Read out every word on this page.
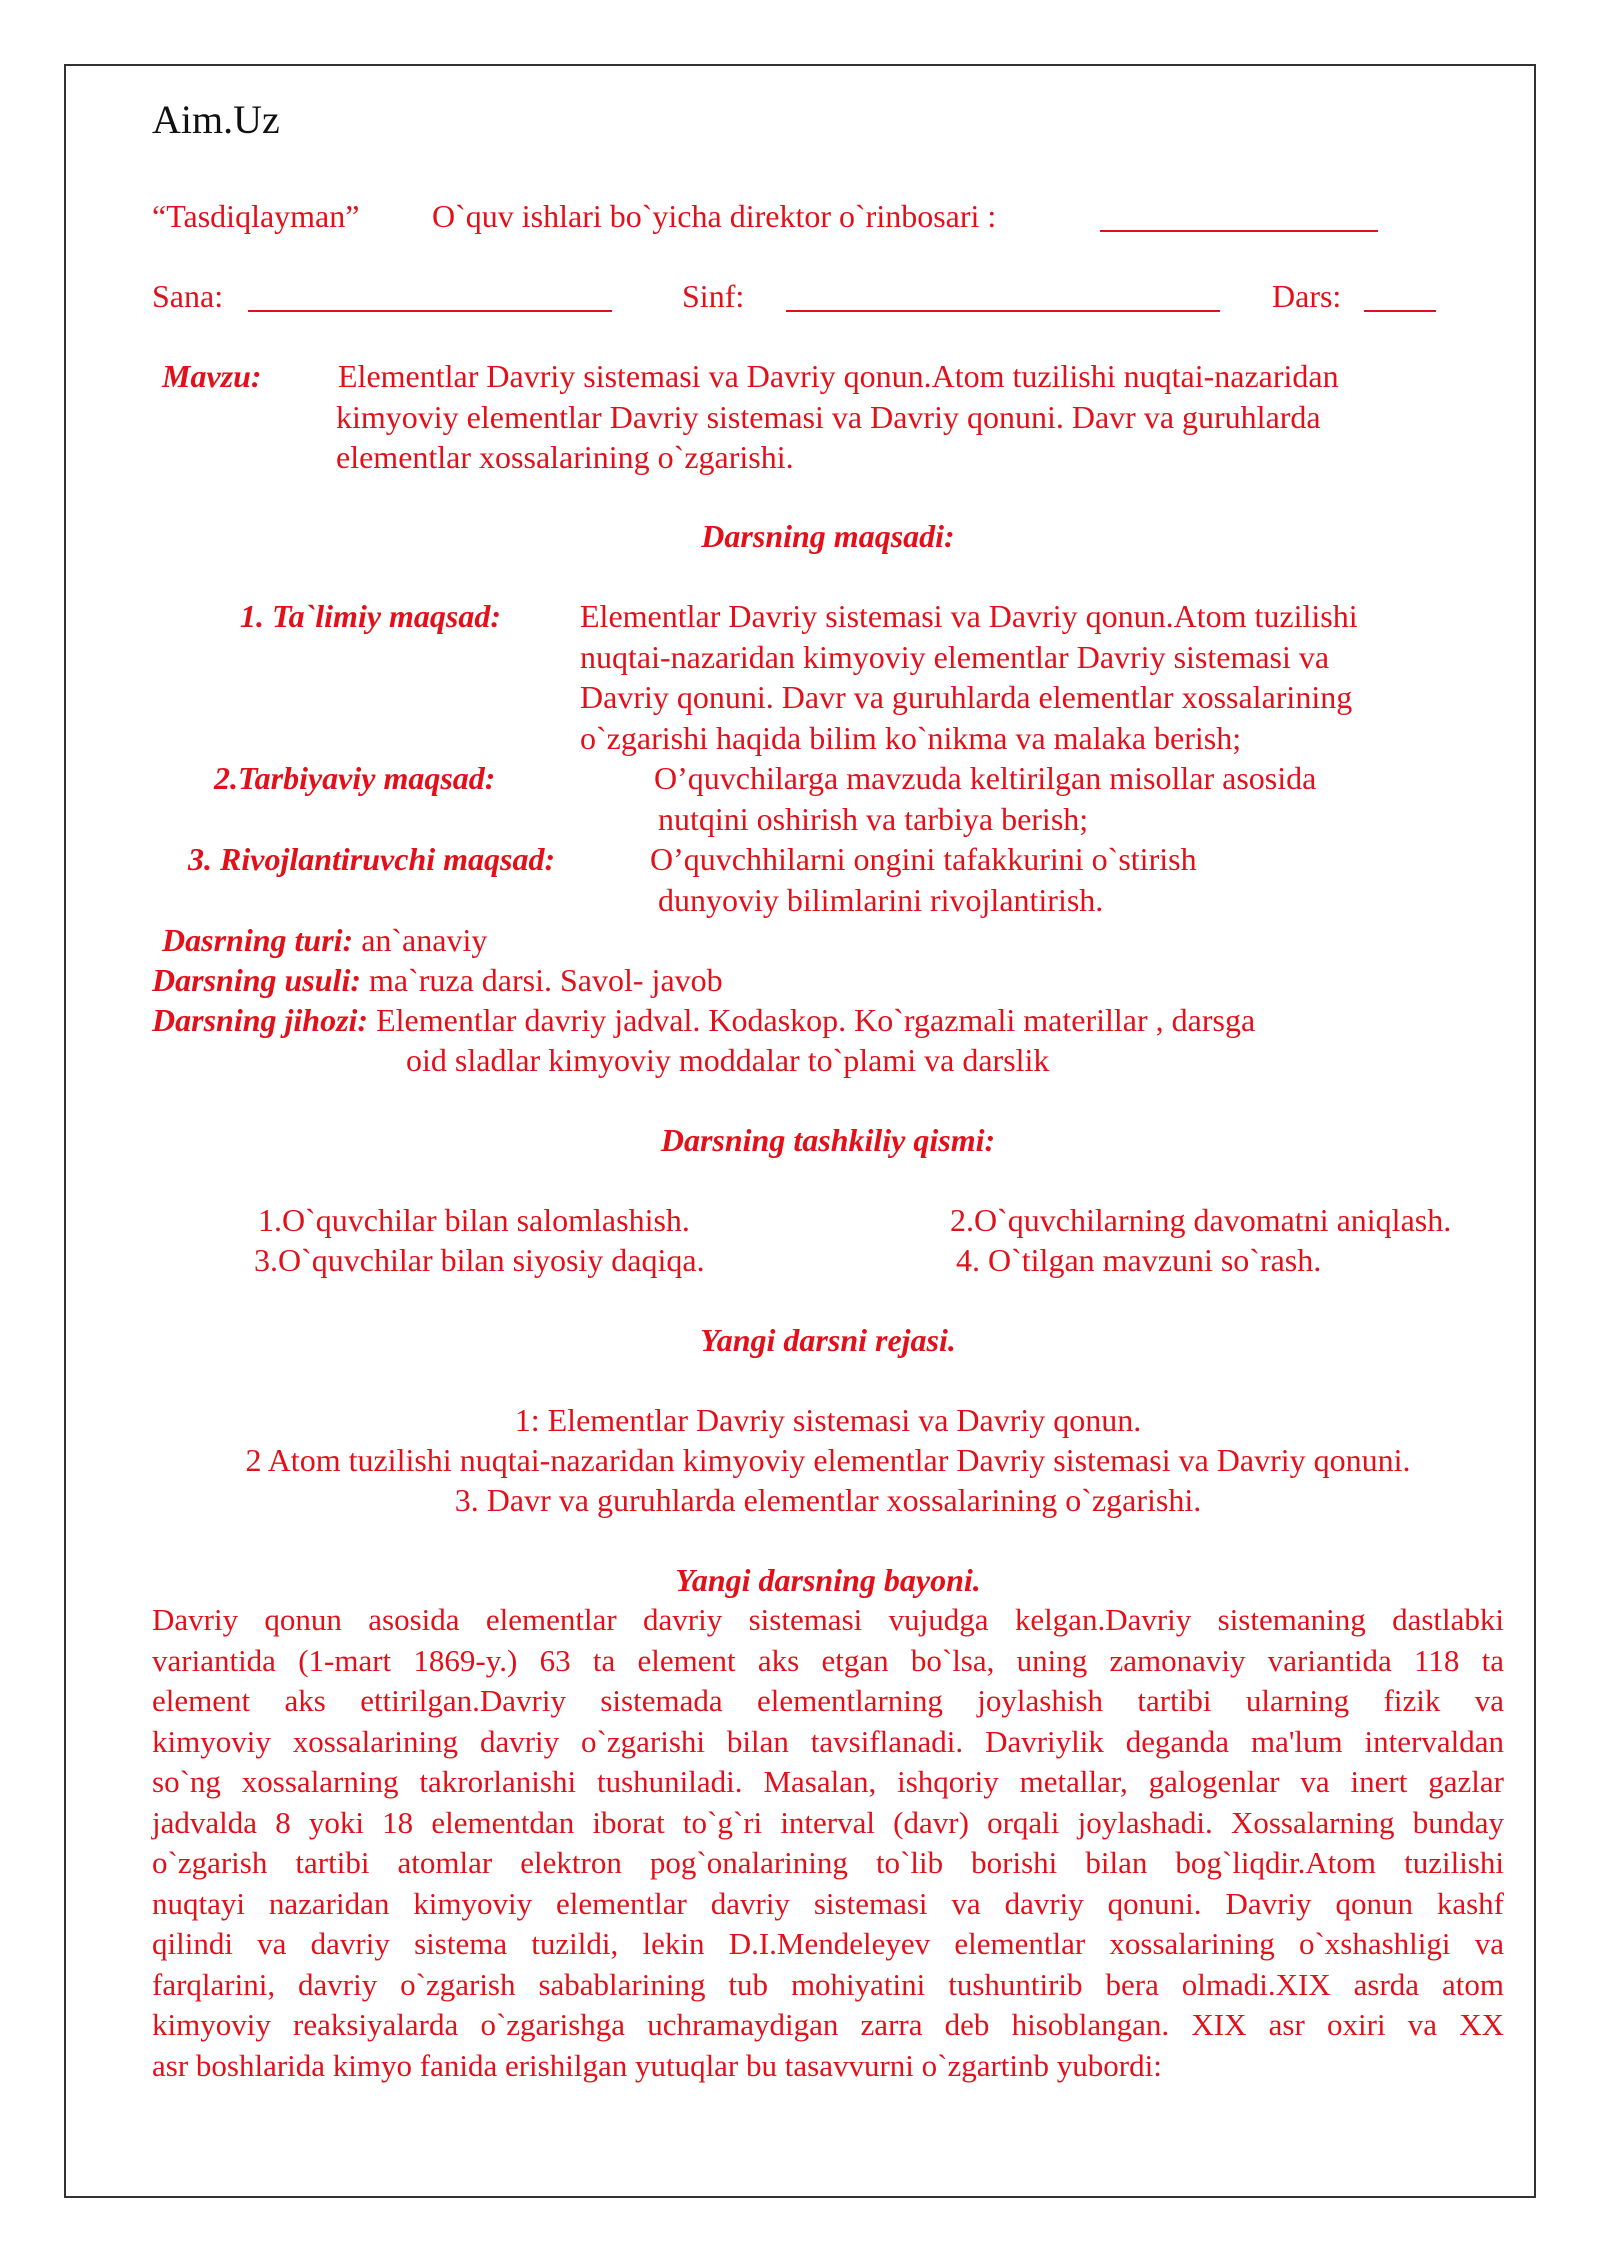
Aim.Uz
“Tasdiqlayman” O`quv ishlari bo`yicha direktor o`rinbosari :
Sana:	Sinf:	Dars:
Mavzu: Elementlar Davriy sistemasi va Davriy qonun.Atom tuzilishi nuqtai-nazaridan
kimyoviy elementlar Davriy sistemasi va Davriy qonuni. Davr va guruhlarda
elementlar xossalarining o`zgarishi.
Darsning maqsadi:
1. Ta`limiy maqsad: Elementlar Davriy sistemasi va Davriy qonun.Atom tuzilishi
nuqtai-nazaridan kimyoviy elementlar Davriy sistemasi va
Davriy qonuni. Davr va guruhlarda elementlar xossalarining
o`zgarishi haqida bilim ko`nikma va malaka berish;
2.Tarbiyaviy maqsad:	O’quvchilarga mavzuda keltirilgan misollar asosida
nutqini oshirish va tarbiya berish;
3. Rivojlantiruvchi maqsad:	O’quvchhilarni ongini tafakkurini o`stirish
dunyoviy bilimlarini rivojlantirish.
Dasrning turi: an`anaviy
Darsning usuli: ma`ruza darsi. Savol- javob
Darsning jihozi: Elementlar davriy jadval. Kodaskop. Ko`rgazmali materillar , darsga
oid sladlar kimyoviy moddalar to`plami va darslik
Darsning tashkiliy qismi:
1.O`quvchilar bilan salomlashish.	2.O`quvchilarning davomatni aniqlash.
3.O`quvchilar bilan siyosiy daqiqa.	4. O`tilgan mavzuni so`rash.
Yangi darsni rejasi.
1: Elementlar Davriy sistemasi va Davriy qonun.
2 Atom tuzilishi nuqtai-nazaridan kimyoviy elementlar Davriy sistemasi va Davriy qonuni.
3. Davr va guruhlarda elementlar xossalarining o`zgarishi.
Yangi darsning bayoni.
Davriy qonun asosida elementlar davriy sistemasi vujudga kelgan.Davriy sistemaning dastlabki
variantida (1-mart 1869-y.) 63 ta element aks etgan bo`lsa, uning zamonaviy variantida 118 ta
element aks ettirilgan.Davriy sistemada elementlarning joylashish tartibi ularning fizik va
kimyoviy xossalarining davriy o`zgarishi bilan tavsiflanadi. Davriylik deganda ma'lum intervaldan
so`ng xossalarning takrorlanishi tushuniladi. Masalan, ishqoriy metallar, galogenlar va inert gazlar
jadvalda 8 yoki 18 elementdan iborat to`g`ri interval (davr) orqali joylashadi. Xossalarning bunday
o`zgarish tartibi atomlar elektron pog`onalarining to`lib borishi bilan bog`liqdir.Atom tuzilishi
nuqtayi nazaridan kimyoviy elementlar davriy sistemasi va davriy qonuni. Davriy qonun kashf
qilindi va davriy sistema tuzildi, lekin D.I.Mendeleyev elementlar xossalarining o`xshashligi va
farqlarini, davriy o`zgarish sabablarining tub mohiyatini tushuntirib bera olmadi.XIX asrda atom
kimyoviy reaksiyalarda o`zgarishga uchramaydigan zarra deb hisoblangan. XIX asr oxiri va XX
asr boshlarida kimyo fanida erishilgan yutuqlar bu tasavvurni o`zgartinb yubordi:
